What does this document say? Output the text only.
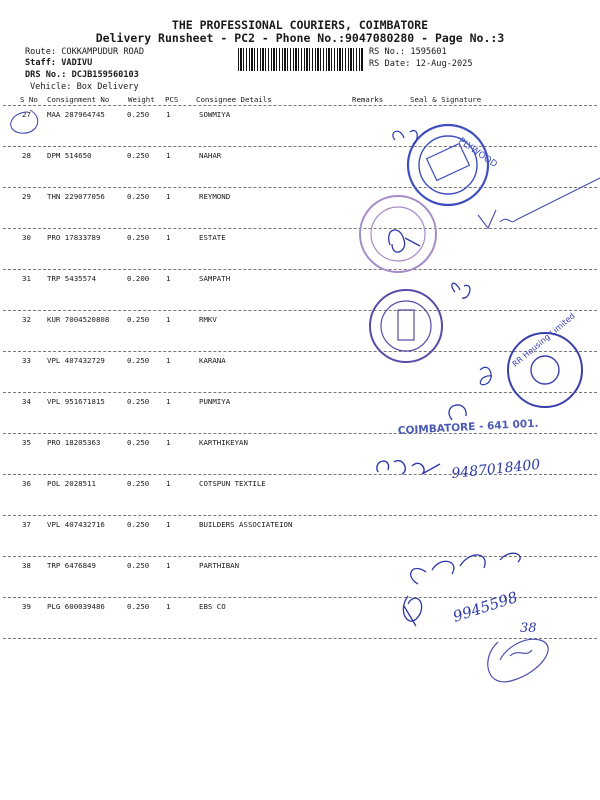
THE PROFESSIONAL COURIERS, COIMBATORE
Delivery Runsheet - PC2 - Phone No.:9047080280 - Page No.:3
Route: COKKAMPUDUR ROAD
Staff: VADIVU
DRS No.: DCJB159560103
Vehicle: Box Delivery
RS No.: 1595601
RS Date: 12-Aug-2025
S No Consignment No	Weight PCS Consignee Details	Remarks	Seal & Signature
27 MAA 287964745	0.250 1	SOWMIYA
28 DPM 514650	0.250 1	NAHAR
29 THN 229077056	0.250 1	REYMOND
30 PRO 17833789	0.250 1	ESTATE
31 TRP 5435574	0.200 1	SAMPATH
32 KUR 7004520808 0.250 1	RMKV
33 VPL 407432729	0.250 1	KARANA
34 VPL 951671815	0.250 1	PUNMIYA
35 PRO 18205363	0.250 1	KARTHIKEYAN
36 POL 2028511	0.250 1	COTSPUN TEXTILE
37 VPL 407432716	0.250 1	BUILDERS ASSOCIATEION
38 TRP 6476849	0.250 1	PARTHIBAN
39 PLG 600039486	0.250 1	EBS CO
PLYWOOD
RR Housing Limited
COIMBATORE - 641 001.
9487018400
9945598
38
